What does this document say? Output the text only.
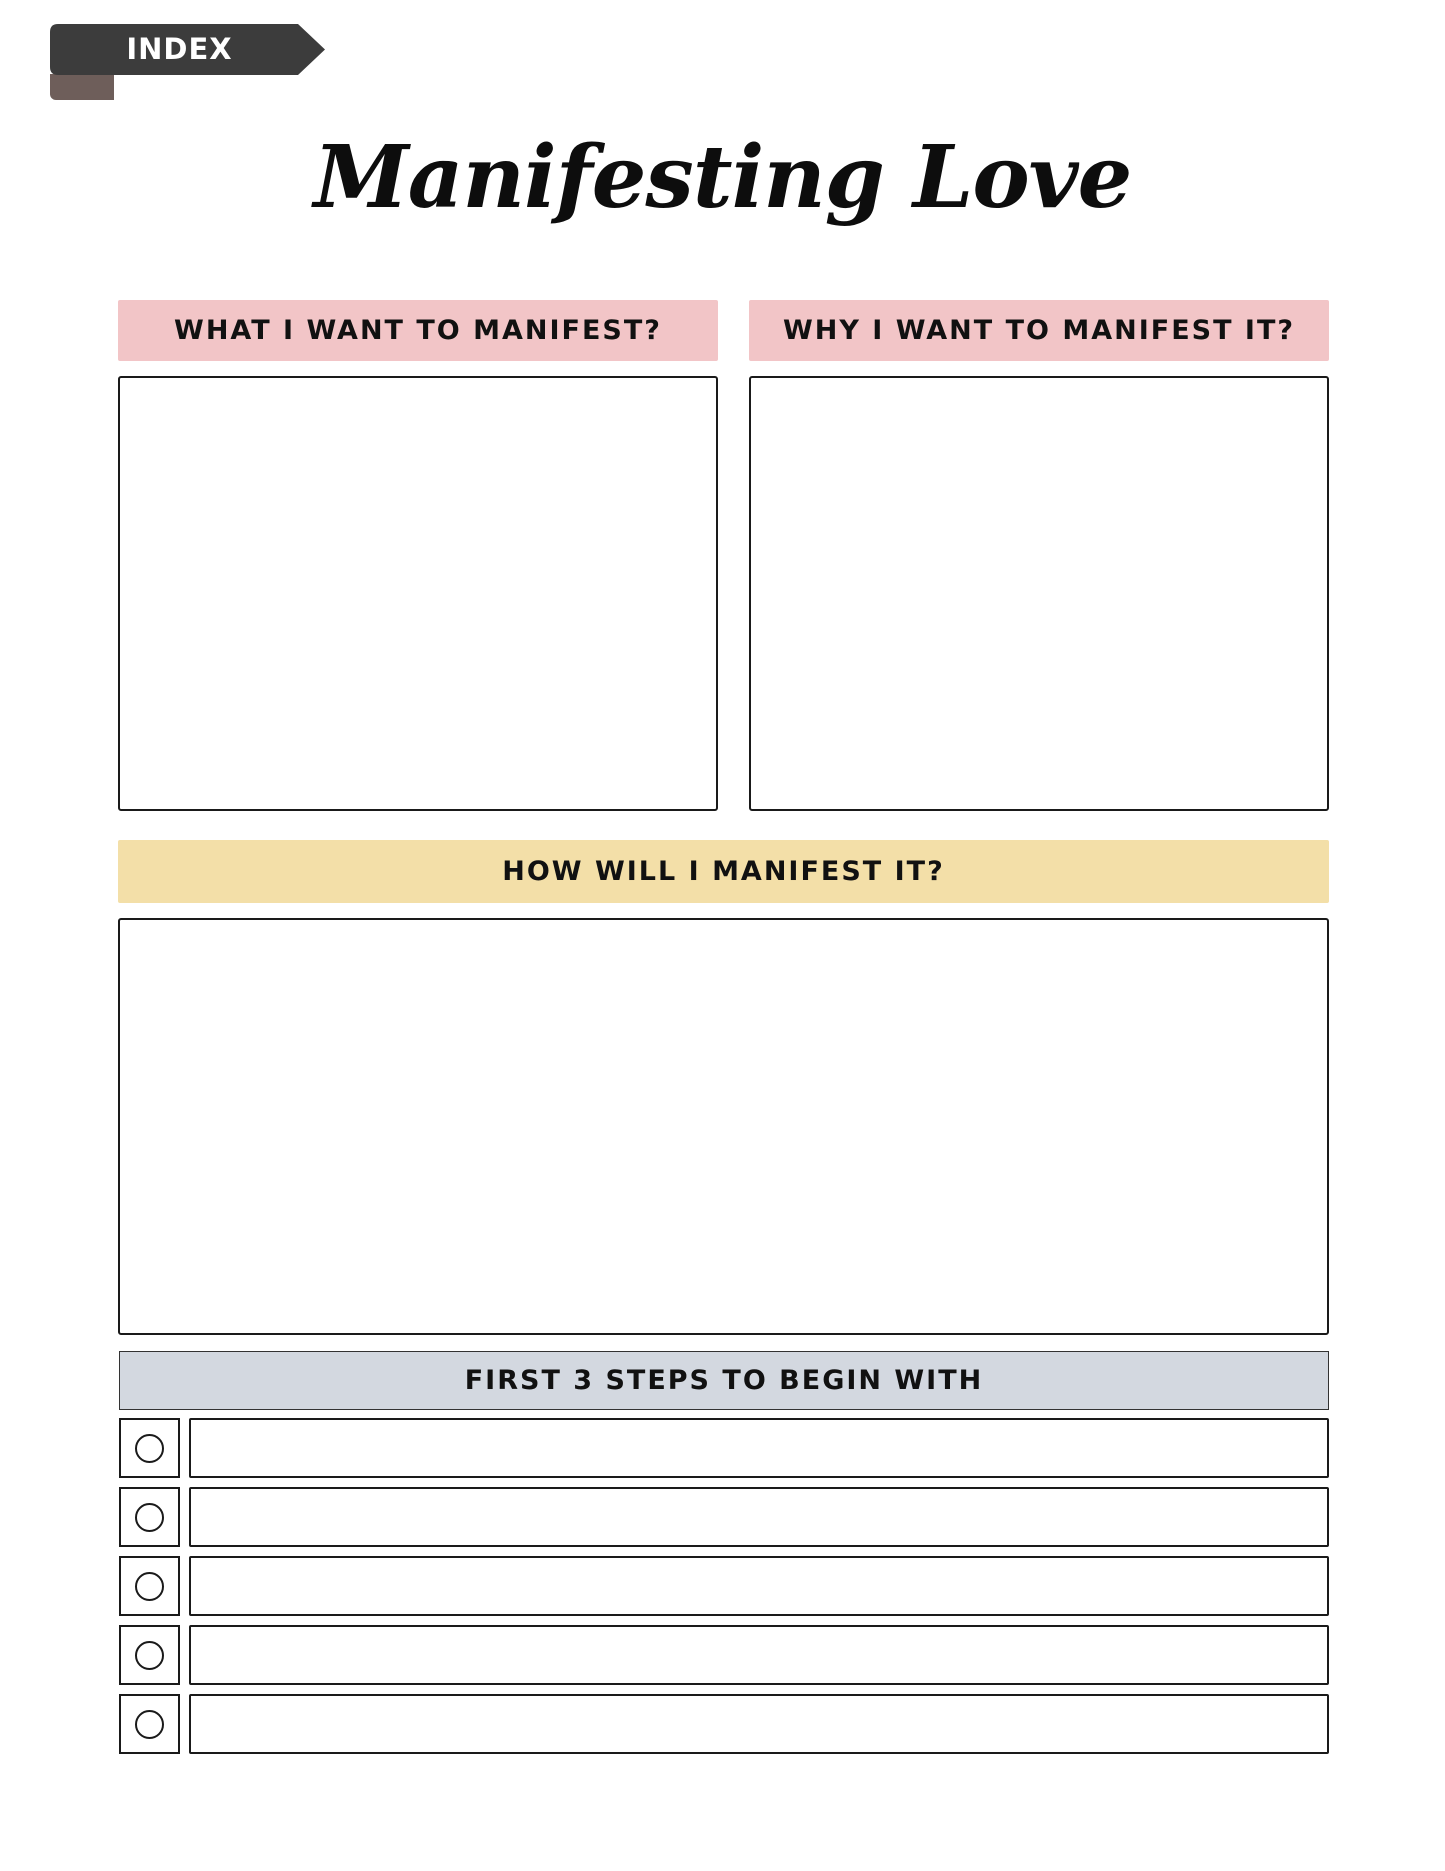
INDEX
Manifesting Love
WHAT I WANT TO MANIFEST?	WHY I WANT TO MANIFEST IT?
HOW WILL I MANIFEST IT?
FIRST 3 STEPS TO BEGIN WITH
